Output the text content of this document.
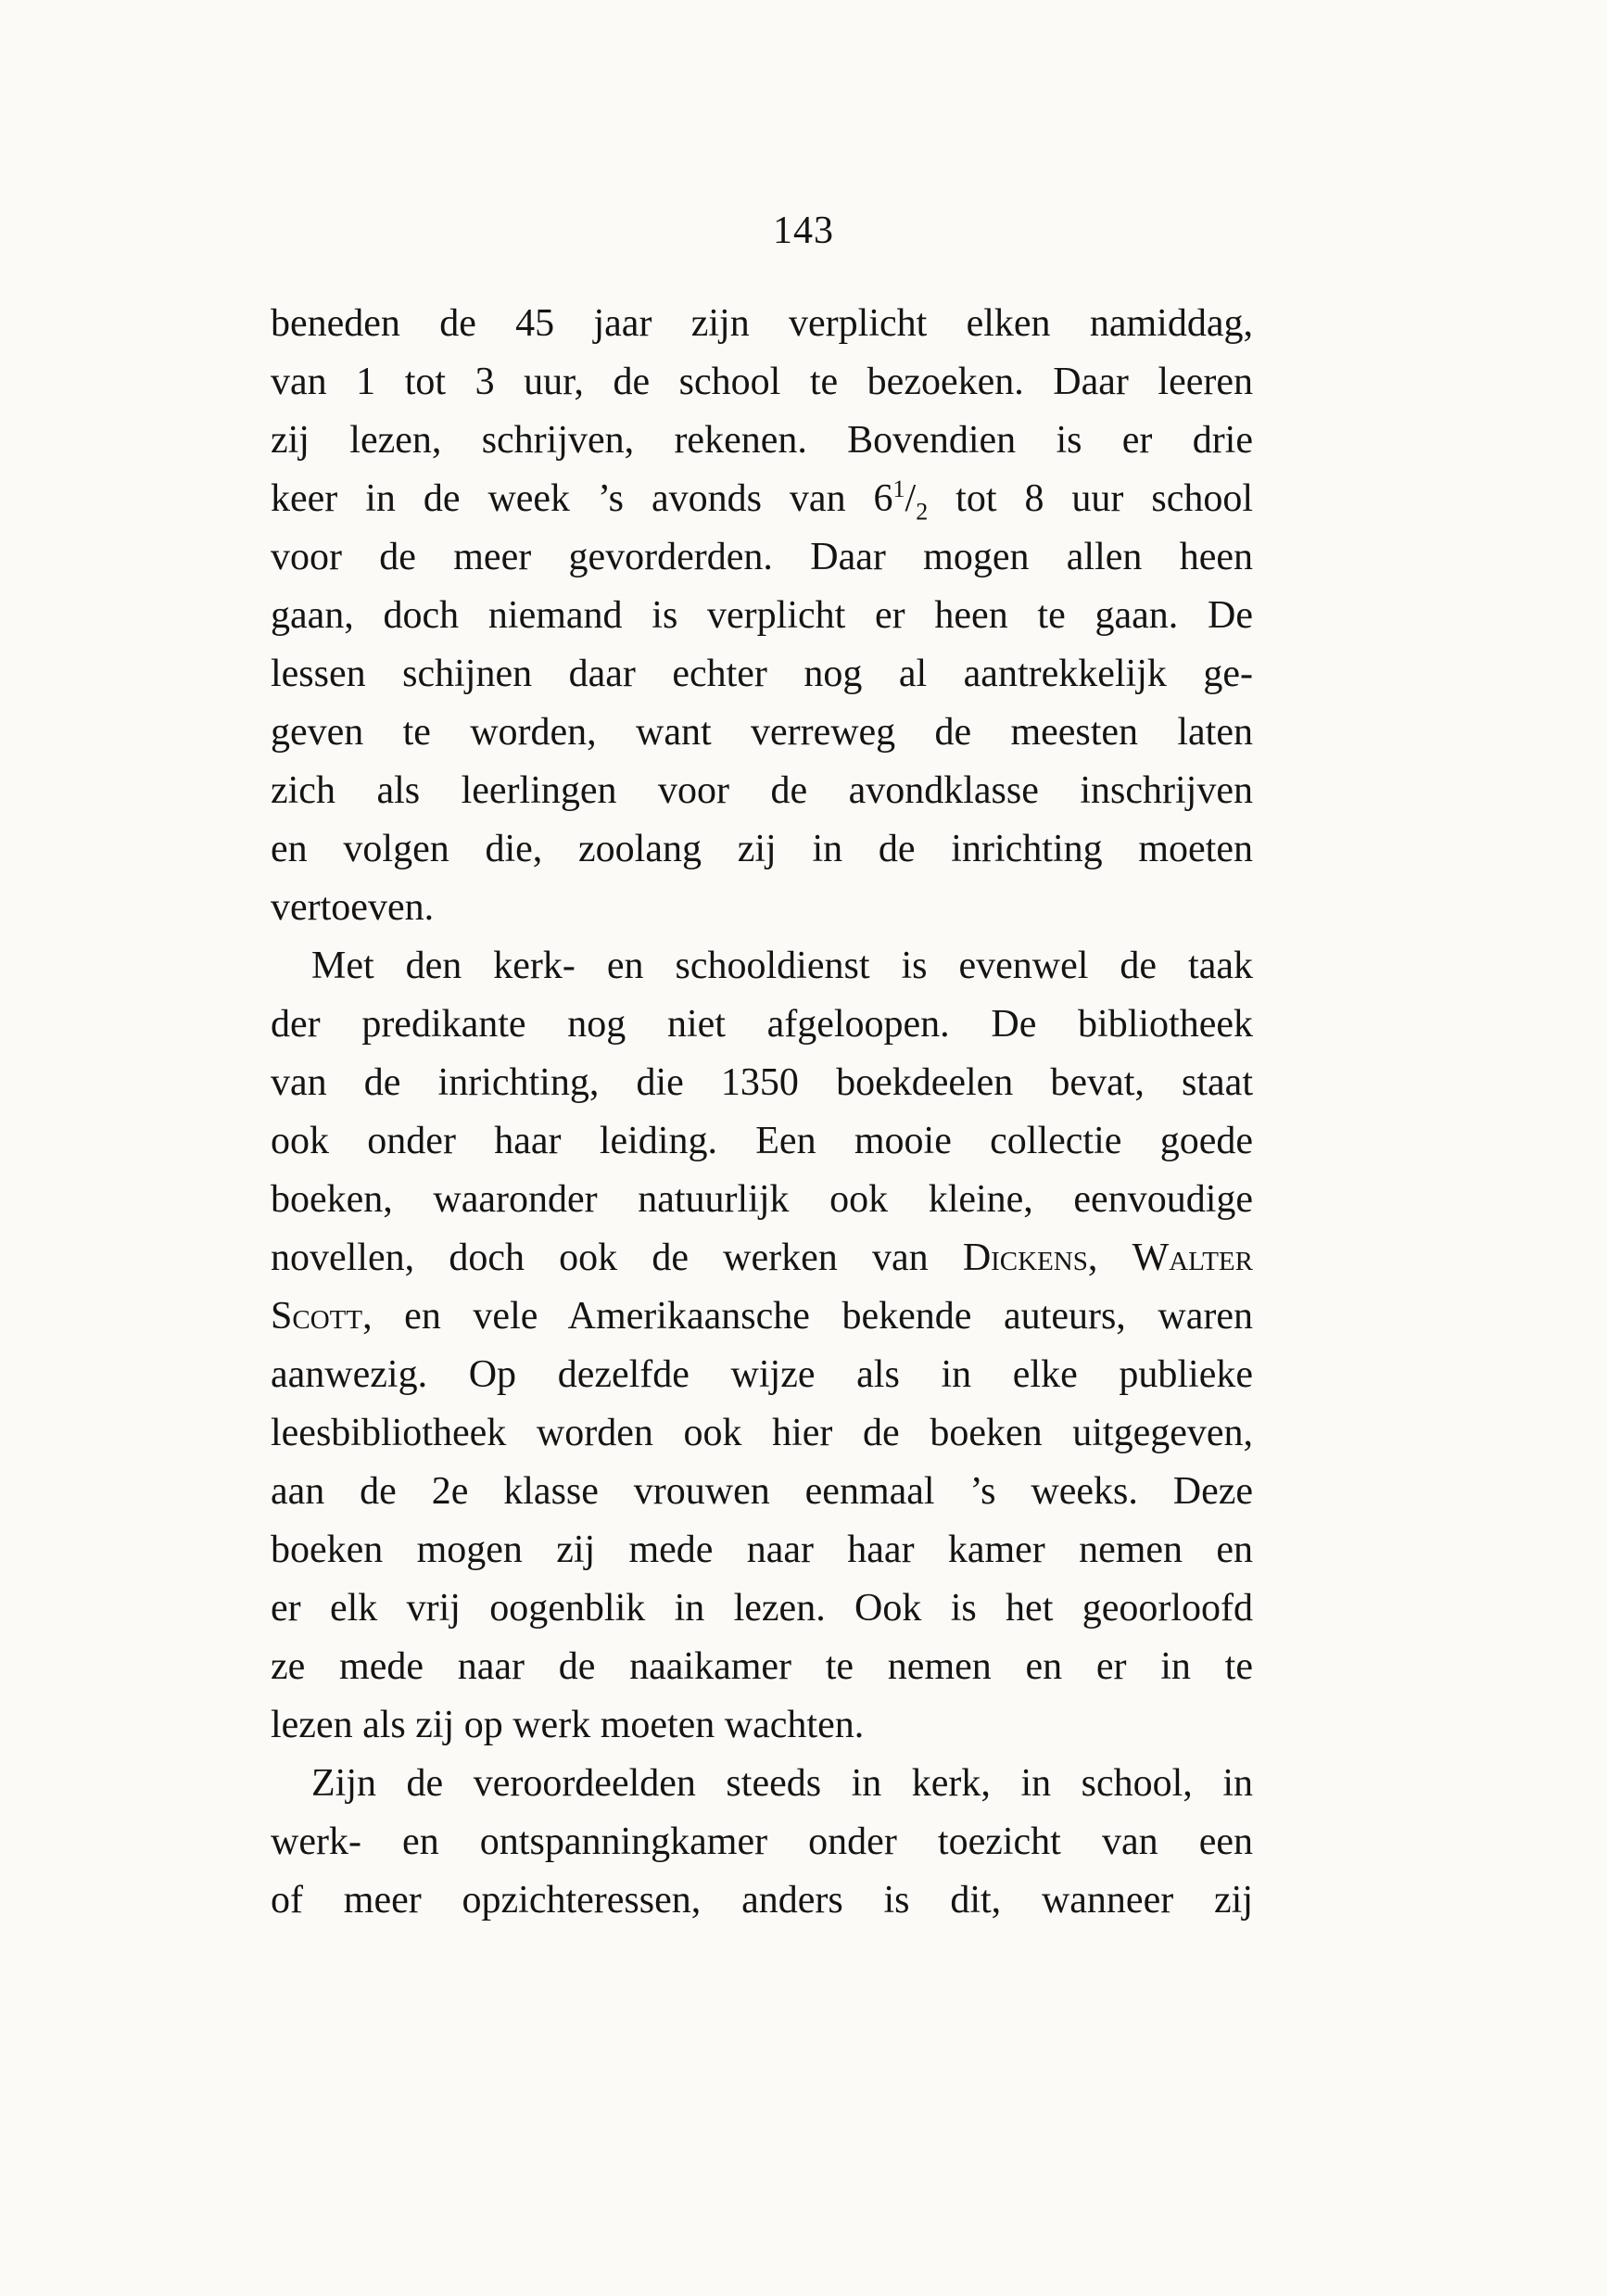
143
beneden de 45 jaar zijn verplicht elken namiddag,
van 1 tot 3 uur, de school te bezoeken. Daar leeren
zij lezen, schrijven, rekenen. Bovendien is er drie
keer in de week ’s avonds van $6^1/_2$ tot 8 uur school
voor de meer gevorderden. Daar mogen allen heen
gaan, doch niemand is verplicht er heen te gaan. De
lessen schijnen daar echter nog al aantrekkelijk ge-
geven te worden, want verreweg de meesten laten
zich als leerlingen voor de avondklasse inschrijven
en volgen die, zoolang zij in de inrichting moeten
vertoeven.
Met den kerk- en schooldienst is evenwel de taak
der predikante nog niet afgeloopen. De bibliotheek
van de inrichting, die 1350 boekdeelen bevat, staat
ook onder haar leiding. Een mooie collectie goede
boeken, waaronder natuurlijk ook kleine, eenvoudige
novellen, doch ook de werken van Dickens, Walter
Scott, en vele Amerikaansche bekende auteurs, waren
aanwezig. Op dezelfde wijze als in elke publieke
leesbibliotheek worden ook hier de boeken uitgegeven,
aan de 2e klasse vrouwen eenmaal ’s weeks. Deze
boeken mogen zij mede naar haar kamer nemen en
er elk vrij oogenblik in lezen. Ook is het geoorloofd
ze mede naar de naaikamer te nemen en er in te
lezen als zij op werk moeten wachten.
Zijn de veroordeelden steeds in kerk, in school, in
werk- en ontspanningkamer onder toezicht van een
of meer opzichteressen, anders is dit, wanneer zij
